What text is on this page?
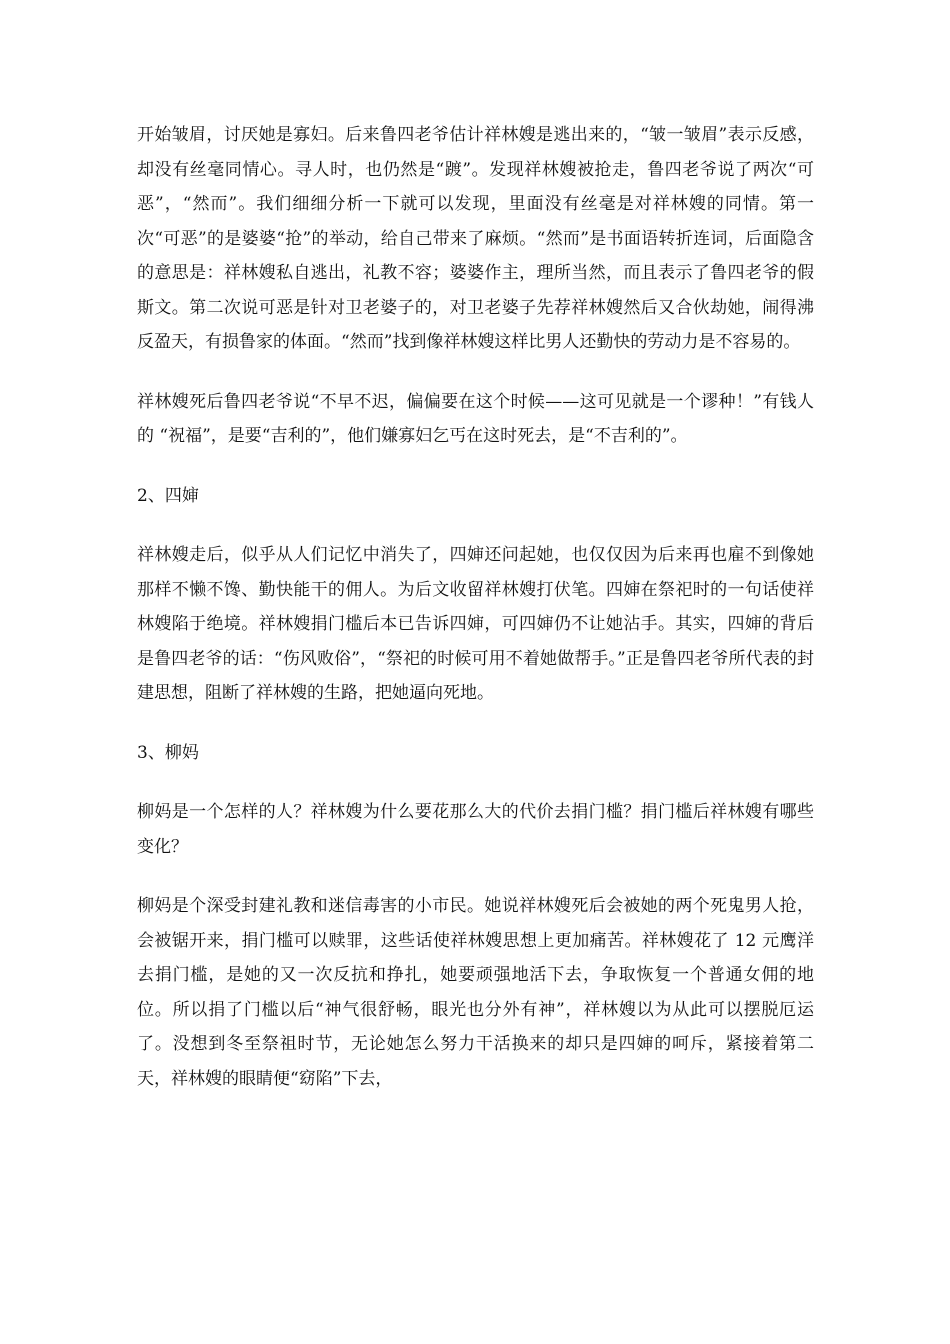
开始皱眉，讨厌她是寡妇。后来鲁四老爷估计祥林嫂是逃出来的，“皱一皱眉”表示反感，却没有丝毫同情心。寻人时，也仍然是“踱”。发现祥林嫂被抢走，鲁四老爷说了两次“可恶”，“然而”。我们细细分析一下就可以发现，里面没有丝毫是对祥林嫂的同情。第一次“可恶”的是婆婆“抢”的举动，给自己带来了麻烦。“然而”是书面语转折连词，后面隐含的意思是：祥林嫂私自逃出，礼教不容；婆婆作主，理所当然，而且表示了鲁四老爷的假斯文。第二次说可恶是针对卫老婆子的，对卫老婆子先荐祥林嫂然后又合伙劫她，闹得沸反盈天，有损鲁家的体面。“然而”找到像祥林嫂这样比男人还勤快的劳动力是不容易的。

祥林嫂死后鲁四老爷说“不早不迟，偏偏要在这个时候——这可见就是一个谬种！”有钱人的 “祝福”，是要“吉利的”，他们嫌寡妇乞丐在这时死去，是“不吉利的”。

2、四婶

祥林嫂走后，似乎从人们记忆中消失了，四婶还问起她，也仅仅因为后来再也雇不到像她那样不懒不馋、勤快能干的佣人。为后文收留祥林嫂打伏笔。四婶在祭祀时的一句话使祥林嫂陷于绝境。祥林嫂捐门槛后本已告诉四婶，可四婶仍不让她沾手。其实，四婶的背后是鲁四老爷的话：“伤风败俗”，“祭祀的时候可用不着她做帮手。”正是鲁四老爷所代表的封建思想，阻断了祥林嫂的生路，把她逼向死地。

3、柳妈

柳妈是一个怎样的人？祥林嫂为什么要花那么大的代价去捐门槛？捐门槛后祥林嫂有哪些变化？

柳妈是个深受封建礼教和迷信毒害的小市民。她说祥林嫂死后会被她的两个死鬼男人抢，会被锯开来，捐门槛可以赎罪，这些话使祥林嫂思想上更加痛苦。祥林嫂花了 12 元鹰洋去捐门槛，是她的又一次反抗和挣扎，她要顽强地活下去，争取恢复一个普通女佣的地位。所以捐了门槛以后“神气很舒畅，眼光也分外有神”，祥林嫂以为从此可以摆脱厄运了。没想到冬至祭祖时节，无论她怎么努力干活换来的却只是四婶的呵斥，紧接着第二天，祥林嫂的眼睛便“窈陷”下去，
